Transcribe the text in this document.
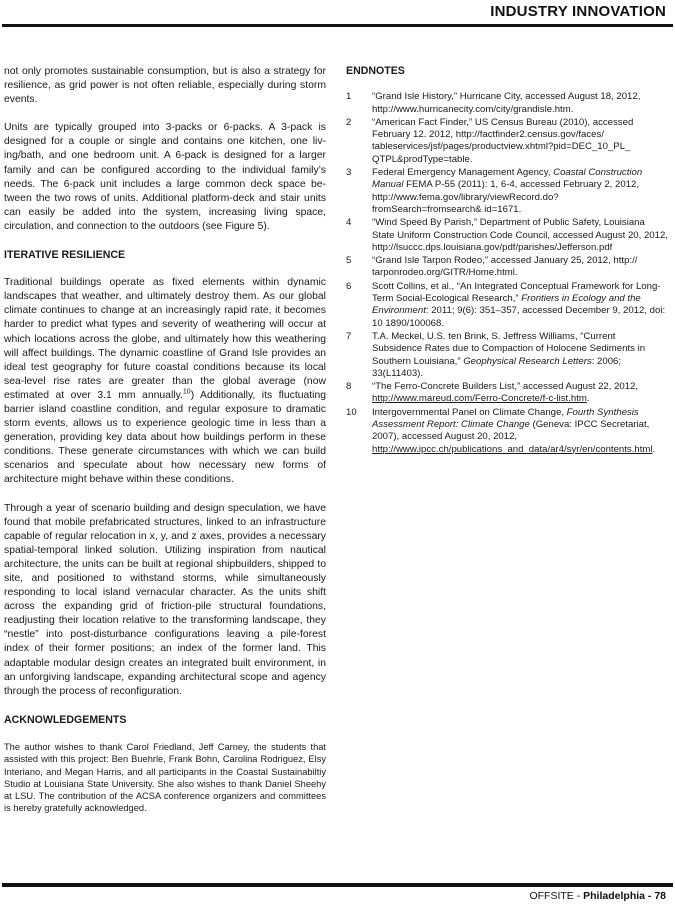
INDUSTRY INNOVATION

not only promotes sustainable consumption, but is also a strategy for resilience, as grid power is not often reliable, especially during storm events.

Units are typically grouped into 3-packs or 6-packs. A 3-pack is designed for a couple or single and contains one kitchen, one liv-ing/bath, and one bedroom unit. A 6-pack is designed for a larger family and can be configured according to the individual family’s needs. The 6-pack unit includes a large common deck space be-tween the two rows of units. Additional platform-deck and stair units can easily be added into the system, increasing living space, circulation, and connection to the outdoors (see Figure 5).

ITERATIVE RESILIENCE

Traditional buildings operate as fixed elements within dynamic landscapes that weather, and ultimately destroy them. As our global climate continues to change at an increasingly rapid rate, it becomes harder to predict what types and severity of weathering will occur at which locations across the globe, and ultimately how this weathering will affect buildings. The dynamic coastline of Grand Isle provides an ideal test geography for future coastal conditions because its local sea-level rise rates are greater than the global average (now estimated at over 3.1 mm annually.$^{10}$) Additionally, its fluctuating barrier island coastline condition, and regular exposure to dramatic storm events, allows us to experience geologic time in less than a generation, providing key data about how buildings perform in these conditions. These generate circumstances with which we can build scenarios and speculate about how necessary new forms of architecture might behave within these conditions.

Through a year of scenario building and design speculation, we have found that mobile prefabricated structures, linked to an infrastructure capable of regular relocation in x, y, and z axes, provides a necessary spatial-temporal linked solution. Utilizing inspiration from nautical architecture, the units can be built at regional shipbuilders, shipped to site, and positioned to withstand storms, while simultaneously responding to local island vernacular character. As the units shift across the expanding grid of friction-pile structural foundations, readjusting their location relative to the transforming landscape, they “nestle” into post-disturbance configurations leaving a pile-forest index of their former positions; an index of the former land. This adaptable modular design creates an integrated built environment, in an unforgiving landscape, expanding architectural scope and agency through the process of reconfiguration.

ACKNOWLEDGEMENTS

The author wishes to thank Carol Friedland, Jeff Carney, the students that assisted with this project: Ben Buehrle, Frank Bohn, Carolina Rodriguez, Elsy Interiano, and Megan Harris, and all participants in the Coastal Sustainabiltiy Studio at Louisiana State University. She also wishes to thank Daniel Sheehy at LSU. The contribution of the ACSA conference organizers and committees is hereby gratefully acknowledged.

ENDNOTES

1	“Grand Isle History,” Hurricane City, accessed August 18, 2012, http://www.hurricanecity.com/city/grandisle.htm.
2	“American Fact Finder,” US Census Bureau (2010), accessed February 12. 2012, http://factfinder2.census.gov/faces/ tableservices/jsf/pages/productview.xhtml?pid=DEC_10_PL_ QTPL&prodType=table.
3	Federal Emergency Management Agency, Coastal Construction Manual FEMA P-55 (2011): 1, 6-4, accessed February 2, 2012, http://www.fema.gov/library/viewRecord.do?fromSearch=fromsearch& id=1671.
4	“Wind Speed By Parish,” Department of Public Safety, Louisiana State Uniform Construction Code Council, accessed August 20, 2012, http://lsuccc.dps.louisiana.gov/pdf/parishes/Jefferson.pdf
5	“Grand Isle Tarpon Rodeo,” accessed January 25, 2012, http:// tarponrodeo.org/GITR/Home.html.
6	Scott Collins, et al., “An Integrated Conceptual Framework for Long-Term Social-Ecological Research,” Frontiers in Ecology and the Environment: 2011; 9(6): 351–357, accessed December 9, 2012, doi: 10 1890/100068.
7	T.A. Meckel, U.S. ten Brink, S. Jeffress Williams, “Current Subsidence Rates due to Compaction of Holocene Sediments in Southern Louisiana,” Geophysical Research Letters: 2006; 33(L11403).
8	“The Ferro-Concrete Builders List,” accessed August 22, 2012, http://www.mareud.com/Ferro-Concrete/f-c-list.htm.
10	Intergovernmental Panel on Climate Change, Fourth Synthesis Assessment Report: Climate Change (Geneva: IPCC Secretariat, 2007), accessed August 20, 2012, http://www.ipcc.ch/publications_and_data/ar4/syr/en/contents.html.
OFFSITE - Philadelphia - 78
